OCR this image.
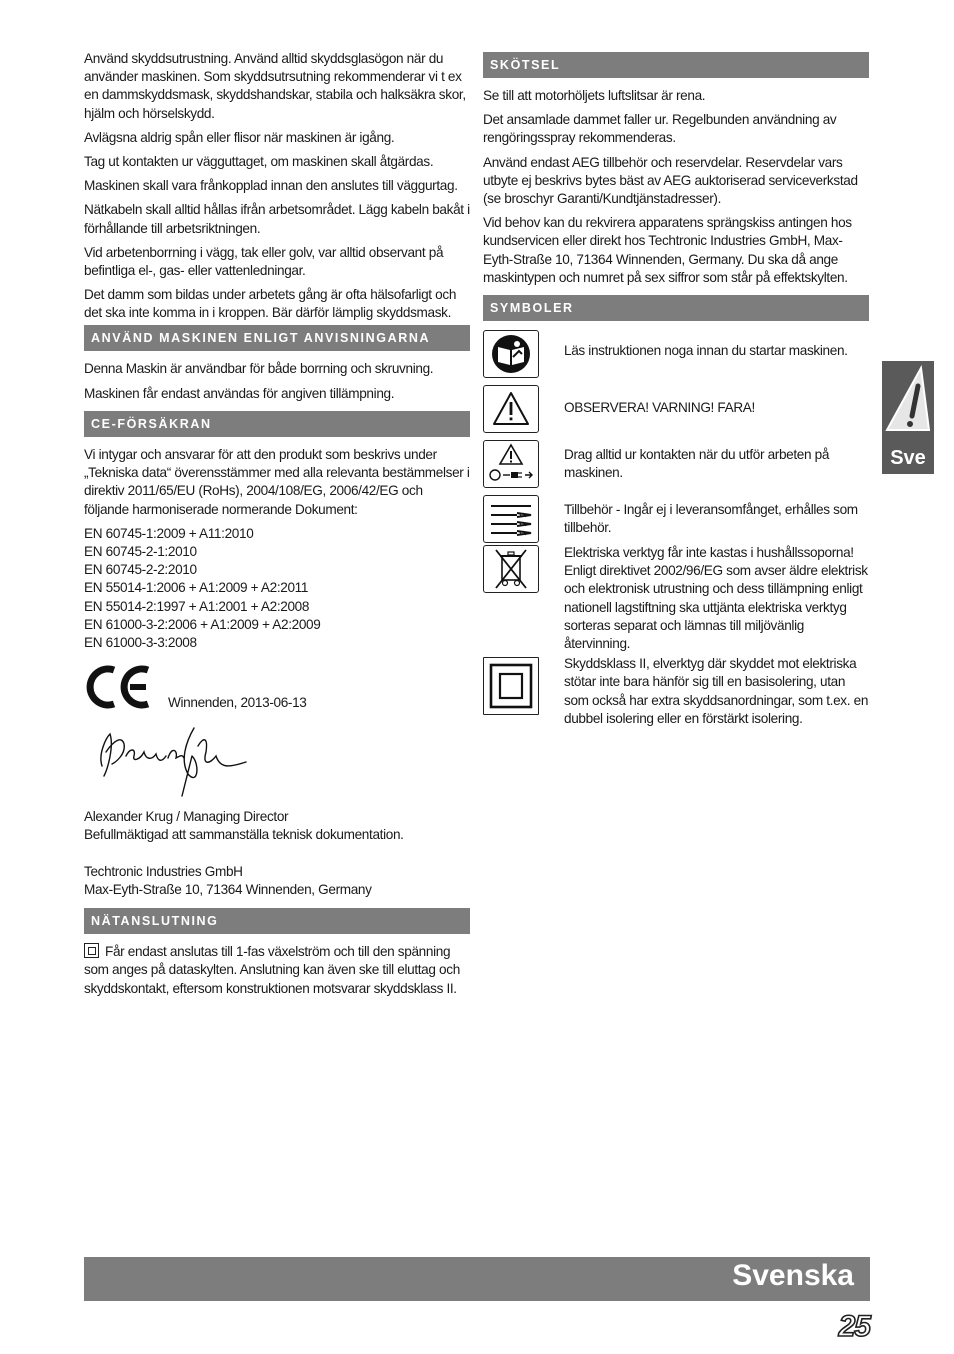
Använd skyddsutrustning. Använd alltid skyddsglasögon när du använder maskinen. Som skyddsutrsutning rekommenderar vi t ex en dammskyddsmask, skyddshandskar, stabila och halksäkra skor, hjälm och hörselskydd.

Avlägsna aldrig spån eller flisor när maskinen är igång.

Tag ut kontakten ur vägguttaget, om maskinen skall åtgärdas.

Maskinen skall vara frånkopplad innan den anslutes till väggurtag.

Nätkabeln skall alltid hållas ifrån arbetsområdet. Lägg kabeln bakåt i förhållande till arbetsriktningen.

Vid arbetenborrning i vägg, tak eller golv, var alltid observant på befintliga el-, gas- eller vattenledningar.

Det damm som bildas under arbetets gång är ofta hälsofarligt och det ska inte komma in i kroppen. Bär därför lämplig skyddsmask.

ANVÄND MASKINEN ENLIGT ANVISNINGARNA

Denna Maskin är användbar för både borrning och skruvning.

Maskinen får endast användas för angiven tillämpning.

CE-FÖRSÄKRAN

Vi intygar och ansvarar för att den produkt som beskrivs under „Tekniska data“ överensstämmer med alla relevanta bestämmelser i direktiv 2011/65/EU (RoHs), 2004/108/EG, 2006/42/EG och följande harmoniserade normerande Dokument:

EN 60745-1:2009 + A11:2010
EN 60745-2-1:2010
EN 60745-2-2:2010
EN 55014-1:2006 + A1:2009 + A2:2011
EN 55014-2:1997 + A1:2001 + A2:2008
EN 61000-3-2:2006 + A1:2009 + A2:2009
EN 61000-3-3:2008
Winnenden, 2013-06-13
Alexander Krug / Managing Director
Befullmäktigad att sammanställa teknisk dokumentation.
Techtronic Industries GmbH
Max-Eyth-Straße 10, 71364 Winnenden, Germany
NÄTANSLUTNING

Får endast anslutas till 1-fas växelström och till den spänning som anges på dataskylten. Anslutning kan även ske till eluttag och skyddskontakt, eftersom konstruktionen motsvarar skyddsklass II.

SKÖTSEL

Se till att motorhöljets luftslitsar är rena.

Det ansamlade dammet faller ur. Regelbunden användning av rengöringsspray rekommenderas.

Använd endast AEG tillbehör och reservdelar. Reservdelar vars utbyte ej beskrivs bytes bäst av AEG auktoriserad serviceverkstad (se broschyr Garanti/Kundtjänstadresser).

Vid behov kan du rekvirera apparatens sprängskiss antingen hos kundservicen eller direkt hos Techtronic Industries GmbH, Max-Eyth-Straße 10, 71364 Winnenden, Germany. Du ska då ange maskintypen och numret på sex siffror som står på effektskylten.

SYMBOLER
Läs instruktionen noga innan du startar maskinen.
OBSERVERA! VARNING! FARA!
Drag alltid ur kontakten när du utför arbeten på maskinen.
Tillbehör - Ingår ej i leveransomfånget, erhålles som tillbehör.
Elektriska verktyg får inte kastas i hushållssoporna! Enligt direktivet 2002/96/EG som avser äldre elektrisk och elektronisk utrustning och dess tillämpning enligt nationell lagstiftning ska uttjänta elektriska verktyg sorteras separat och lämnas till miljövänlig återvinning.
Skyddsklass II, elverktyg där skyddet mot elektriska stötar inte bara hänför sig till en basisolering, utan som också har extra skyddsanordningar, som t.ex. en dubbel isolering eller en förstärkt isolering.
Sve
Svenska
25
